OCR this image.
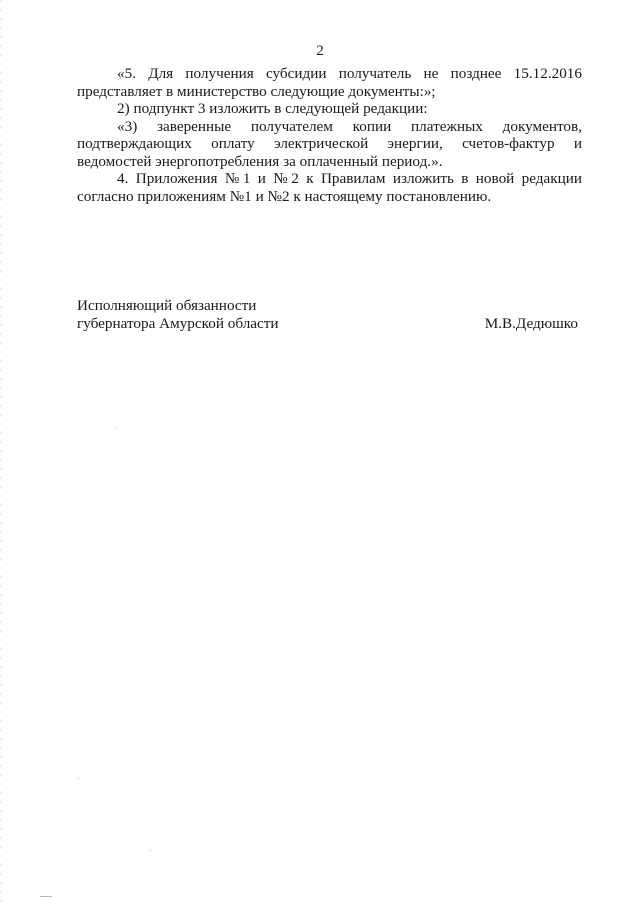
2

«5. Для получения субсидии получатель не позднее 15.12.2016
представляет в министерство следующие документы:»;

2) подпункт 3 изложить в следующей редакции:

«3) заверенные получателем копии платежных документов,
подтверждающих оплату электрической энергии, счетов-фактур и
ведомостей энергопотребления за оплаченный период.».

4. Приложения №1 и №2 к Правилам изложить в новой редакции
согласно приложениям №1 и №2 к настоящему постановлению.

Исполняющий обязанности
губернатора Амурской области	М.В.Дедюшко
